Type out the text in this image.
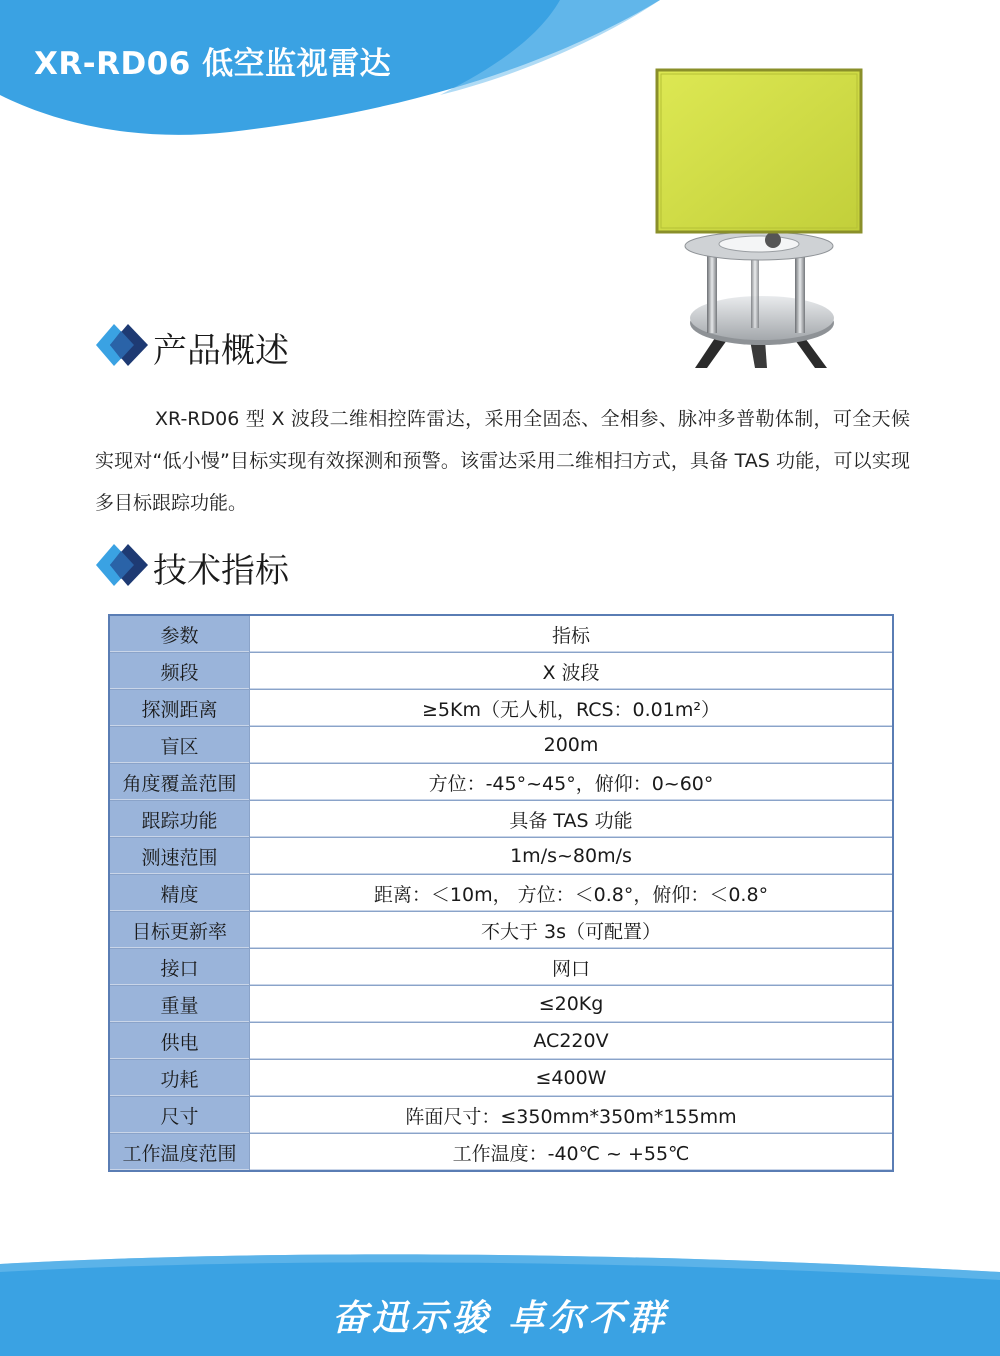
XR-RD06 低空监视雷达
产品概述

XR-RD06 型 X 波段二维相控阵雷达，采用全固态、全相参、脉冲多普勒体制，可全天候实现对“低小慢”目标实现有效探测和预警。该雷达采用二维相扫方式，具备 TAS 功能，可以实现多目标跟踪功能。

技术指标
参数	指标
频段	X 波段
探测距离	≥5Km（无人机，RCS：0.01m²）
盲区	200m
角度覆盖范围	方位：-45°~45°，俯仰：0~60°
跟踪功能	具备 TAS 功能
测速范围	1m/s~80m/s
精度	距离：＜10m， 方位：＜0.8°，俯仰：＜0.8°
目标更新率	不大于 3s（可配置）
接口	网口
重量	≤20Kg
供电	AC220V
功耗	≤400W
尺寸	阵面尺寸：≤350mm*350m*155mm
工作温度范围	工作温度：-40℃ ~ +55℃
奋迅示骏 卓尔不群
